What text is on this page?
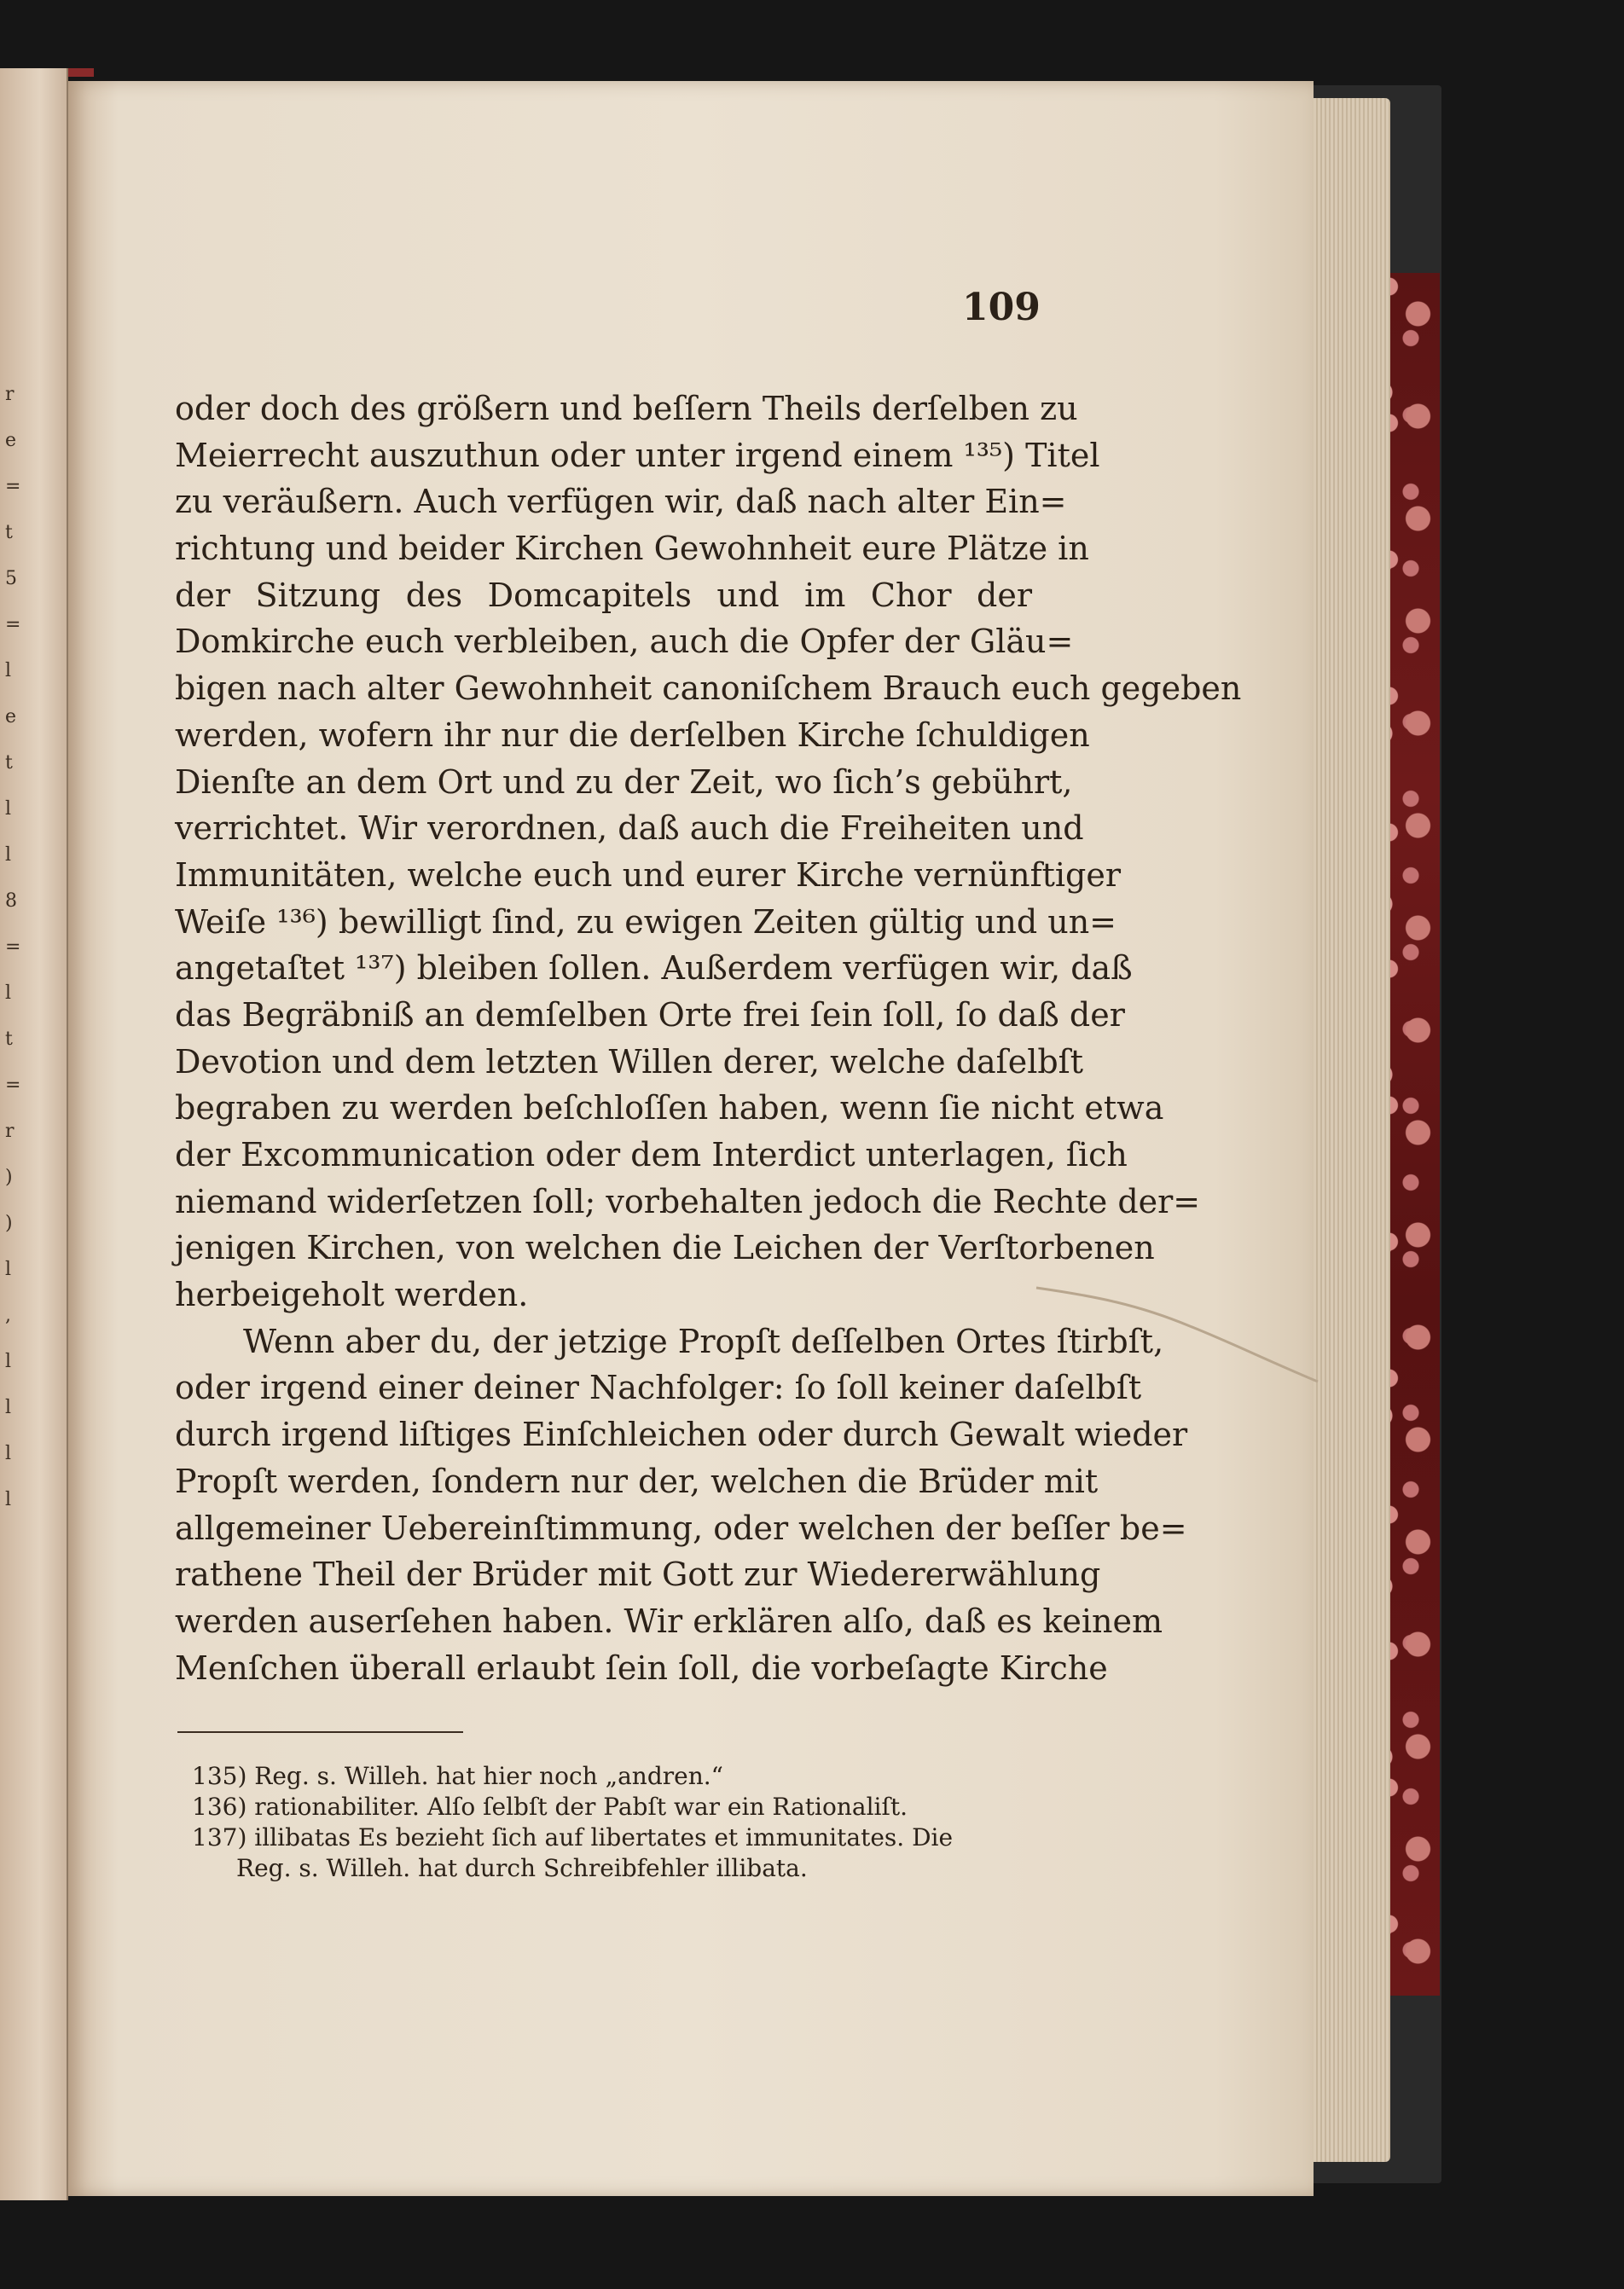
r
e
=
t
5
=
l
e
t
l
l
8
=
l
t
=
r
)
)
l
,
l
l
l
l
109
oder doch des größern und beſſern Theils derſelben zu
Meierrecht auszuthun oder unter irgend einem ¹³⁵) Titel
zu veräußern. Auch verfügen wir, daß nach alter Ein=
richtung und beider Kirchen Gewohnheit eure Plätze in
der Sitzung des Domcapitels und im Chor der
Domkirche euch verbleiben, auch die Opfer der Gläu=
bigen nach alter Gewohnheit canoniſchem Brauch euch gegeben
werden, wofern ihr nur die derſelben Kirche ſchuldigen
Dienſte an dem Ort und zu der Zeit, wo ſich’s gebührt,
verrichtet. Wir verordnen, daß auch die Freiheiten und
Immunitäten, welche euch und eurer Kirche vernünftiger
Weiſe ¹³⁶) bewilligt ſind, zu ewigen Zeiten gültig und un=
angetaſtet ¹³⁷) bleiben ſollen. Außerdem verfügen wir, daß
das Begräbniß an demſelben Orte frei ſein ſoll, ſo daß der
Devotion und dem letzten Willen derer, welche daſelbſt
begraben zu werden beſchloſſen haben, wenn ſie nicht etwa
der Excommunication oder dem Interdict unterlagen, ſich
niemand widerſetzen ſoll; vorbehalten jedoch die Rechte der=
jenigen Kirchen, von welchen die Leichen der Verſtorbenen
herbeigeholt werden.
Wenn aber du, der jetzige Propſt deſſelben Ortes ſtirbſt,
oder irgend einer deiner Nachfolger: ſo ſoll keiner daſelbſt
durch irgend liſtiges Einſchleichen oder durch Gewalt wieder
Propſt werden, ſondern nur der, welchen die Brüder mit
allgemeiner Uebereinſtimmung, oder welchen der beſſer be=
rathene Theil der Brüder mit Gott zur Wiedererwählung
werden auserſehen haben. Wir erklären alſo, daß es keinem
Menſchen überall erlaubt ſein ſoll, die vorbeſagte Kirche
135) Reg. s. Willeh. hat hier noch „andren.“
136) rationabiliter. Alſo ſelbſt der Pabſt war ein Rationaliſt.
137) illibatas Es bezieht ſich auf libertates et immunitates. Die
Reg. s. Willeh. hat durch Schreibfehler illibata.
